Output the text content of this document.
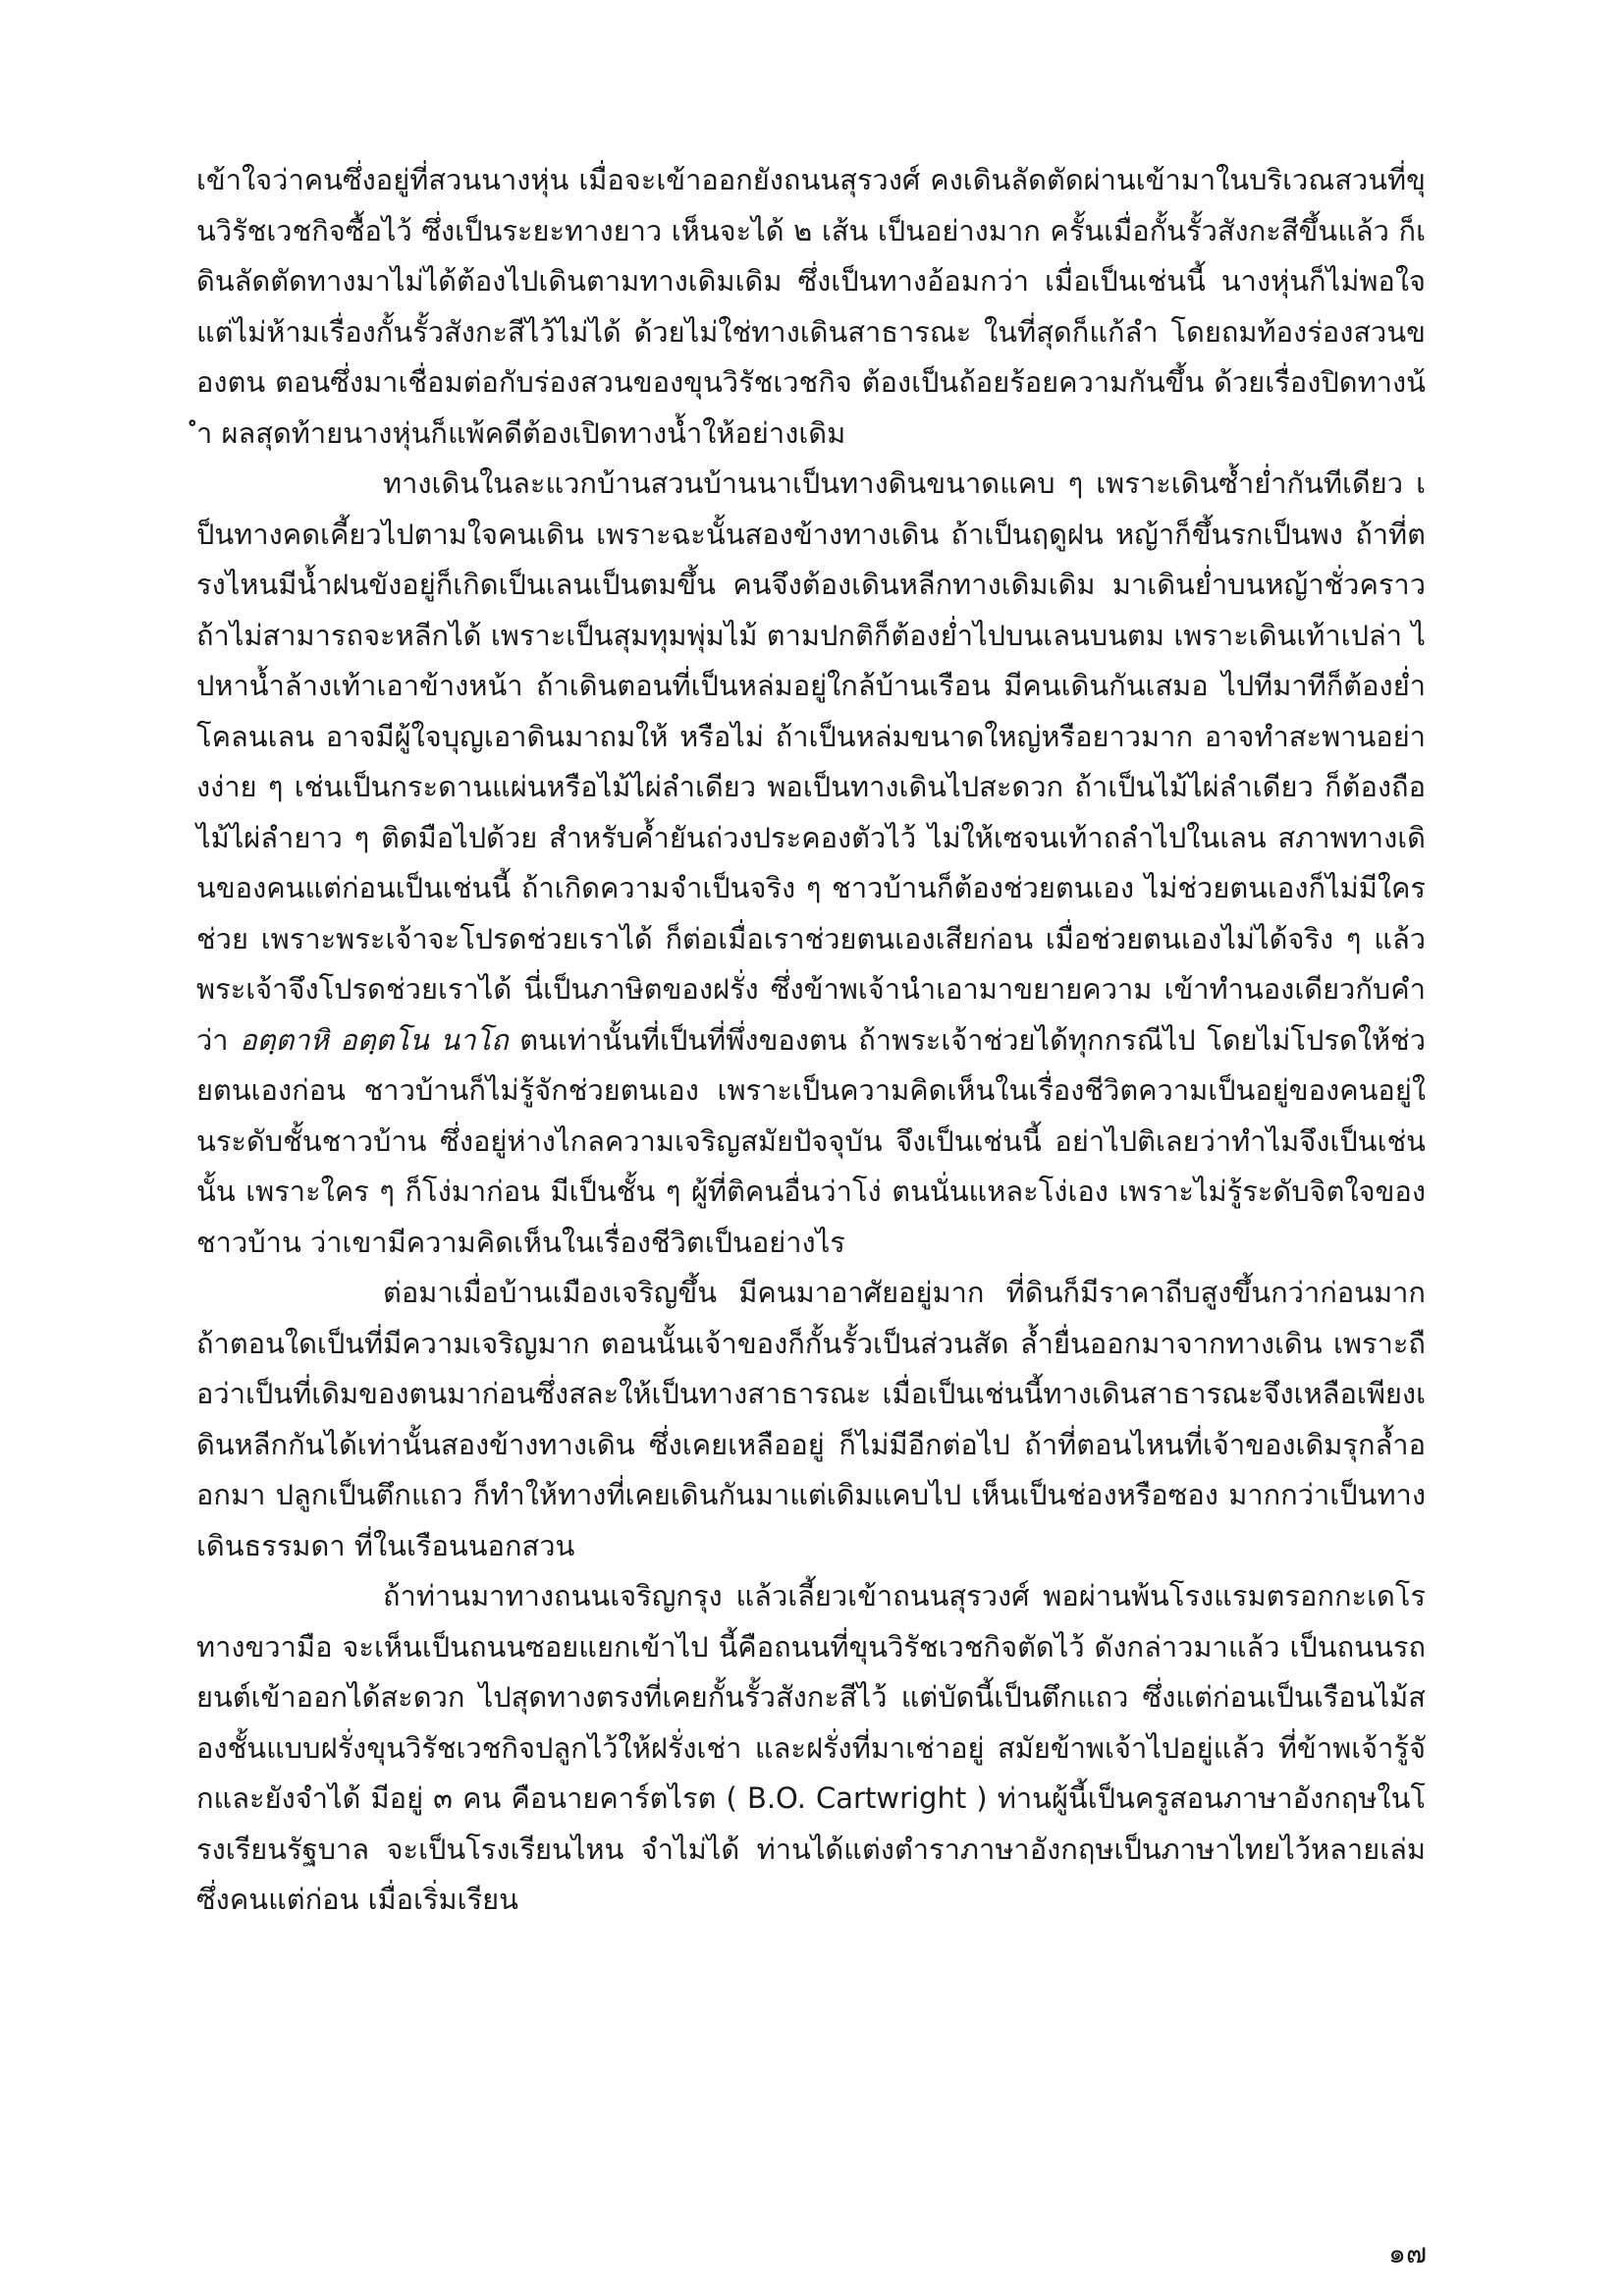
เข้าใจว่าคนซึ่งอยู่ที่สวนนางหุ่น เมื่อจะเข้าออกยังถนนสุรวงศ์ คงเดินลัดตัดผ่านเข้ามาในบริเวณสวนที่ขุนวิรัชเวชกิจซื้อไว้ ซึ่งเป็นระยะทางยาว เห็นจะได้ ๒ เส้น เป็นอย่างมาก ครั้นเมื่อกั้นรั้วสังกะสีขึ้นแล้ว ก็เดินลัดตัดทางมาไม่ได้ต้องไปเดินตามทางเดิมเดิม ซึ่งเป็นทางอ้อมกว่า เมื่อเป็นเช่นนี้ นางหุ่นก็ไม่พอใจ แต่ไม่ห้ามเรื่องกั้นรั้วสังกะสีไว้ไม่ได้ ด้วยไม่ใช่ทางเดินสาธารณะ ในที่สุดก็แก้ลำ โดยถมท้องร่องสวนของตน ตอนซึ่งมาเชื่อมต่อกับร่องสวนของขุนวิรัชเวชกิจ ต้องเป็นถ้อยร้อยความกันขึ้น ด้วยเรื่องปิดทางน้ำ ผลสุดท้ายนางหุ่นก็แพ้คดีต้องเปิดทางน้ำให้อย่างเดิม

ทางเดินในละแวกบ้านสวนบ้านนาเป็นทางดินขนาดแคบ ๆ เพราะเดินซ้ำย่ำกันทีเดียว เป็นทางคดเคี้ยวไปตามใจคนเดิน เพราะฉะนั้นสองข้างทางเดิน ถ้าเป็นฤดูฝน หญ้าก็ขึ้นรกเป็นพง ถ้าที่ตรงไหนมีน้ำฝนขังอยู่ก็เกิดเป็นเลนเป็นตมขึ้น คนจึงต้องเดินหลีกทางเดิมเดิม มาเดินย่ำบนหญ้าชั่วคราว ถ้าไม่สามารถจะหลีกได้ เพราะเป็นสุมทุมพุ่มไม้ ตามปกติก็ต้องย่ำไปบนเลนบนตม เพราะเดินเท้าเปล่า ไปหาน้ำล้างเท้าเอาข้างหน้า ถ้าเดินตอนที่เป็นหล่มอยู่ใกล้บ้านเรือน มีคนเดินกันเสมอ ไปทีมาทีก็ต้องย่ำโคลนเลน อาจมีผู้ใจบุญเอาดินมาถมให้ หรือไม่ ถ้าเป็นหล่มขนาดใหญ่หรือยาวมาก อาจทำสะพานอย่างง่าย ๆ เช่นเป็นกระดานแผ่นหรือไม้ไผ่ลำเดียว พอเป็นทางเดินไปสะดวก ถ้าเป็นไม้ไผ่ลำเดียว ก็ต้องถือไม้ไผ่ลำยาว ๆ ติดมือไปด้วย สำหรับค้ำยันถ่วงประคองตัวไว้ ไม่ให้เซจนเท้าถลำไปในเลน สภาพทางเดินของคนแต่ก่อนเป็นเช่นนี้ ถ้าเกิดความจำเป็นจริง ๆ ชาวบ้านก็ต้องช่วยตนเอง ไม่ช่วยตนเองก็ไม่มีใครช่วย เพราะพระเจ้าจะโปรดช่วยเราได้ ก็ต่อเมื่อเราช่วยตนเองเสียก่อน เมื่อช่วยตนเองไม่ได้จริง ๆ แล้วพระเจ้าจึงโปรดช่วยเราได้ นี่เป็นภาษิตของฝรั่ง ซึ่งข้าพเจ้านำเอามาขยายความ เข้าทำนองเดียวกับคำว่า อตฺตาหิ อตฺตโน นาโถ ตนเท่านั้นที่เป็นที่พึ่งของตน ถ้าพระเจ้าช่วยได้ทุกกรณีไป โดยไม่โปรดให้ช่วยตนเองก่อน ชาวบ้านก็ไม่รู้จักช่วยตนเอง เพราะเป็นความคิดเห็นในเรื่องชีวิตความเป็นอยู่ของคนอยู่ในระดับชั้นชาวบ้าน ซึ่งอยู่ห่างไกลความเจริญสมัยปัจจุบัน จึงเป็นเช่นนี้ อย่าไปติเลยว่าทำไมจึงเป็นเช่นนั้น เพราะใคร ๆ ก็โง่มาก่อน มีเป็นชั้น ๆ ผู้ที่ติคนอื่นว่าโง่ ตนนั่นแหละโง่เอง เพราะไม่รู้ระดับจิตใจของชาวบ้าน ว่าเขามีความคิดเห็นในเรื่องชีวิตเป็นอย่างไร

ต่อมาเมื่อบ้านเมืองเจริญขึ้น มีคนมาอาศัยอยู่มาก ที่ดินก็มีราคาถีบสูงขึ้นกว่าก่อนมาก ถ้าตอนใดเป็นที่มีความเจริญมาก ตอนนั้นเจ้าของก็กั้นรั้วเป็นส่วนสัด ล้ำยื่นออกมาจากทางเดิน เพราะถือว่าเป็นที่เดิมของตนมาก่อนซึ่งสละให้เป็นทางสาธารณะ เมื่อเป็นเช่นนี้ทางเดินสาธารณะจึงเหลือเพียงเดินหลีกกันได้เท่านั้นสองข้างทางเดิน ซึ่งเคยเหลืออยู่ ก็ไม่มีอีกต่อไป ถ้าที่ตอนไหนที่เจ้าของเดิมรุกล้ำออกมา ปลูกเป็นตึกแถว ก็ทำให้ทางที่เคยเดินกันมาแต่เดิมแคบไป เห็นเป็นช่องหรือซอง มากกว่าเป็นทางเดินธรรมดา ที่ในเรือนนอกสวน

ถ้าท่านมาทางถนนเจริญกรุง แล้วเลี้ยวเข้าถนนสุรวงศ์ พอผ่านพ้นโรงแรมตรอกกะเดโรทางขวามือ จะเห็นเป็นถนนซอยแยกเข้าไป นี้คือถนนที่ขุนวิรัชเวชกิจตัดไว้ ดังกล่าวมาแล้ว เป็นถนนรถยนต์เข้าออกได้สะดวก ไปสุดทางตรงที่เคยกั้นรั้วสังกะสีไว้ แต่บัดนี้เป็นตึกแถว ซึ่งแต่ก่อนเป็นเรือนไม้สองชั้นแบบฝรั่งขุนวิรัชเวชกิจปลูกไว้ให้ฝรั่งเช่า และฝรั่งที่มาเช่าอยู่ สมัยข้าพเจ้าไปอยู่แล้ว ที่ข้าพเจ้ารู้จักและยังจำได้ มีอยู่ ๓ คน คือนายคาร์ตไรต ( B.O. Cartwright ) ท่านผู้นี้เป็นครูสอนภาษาอังกฤษในโรงเรียนรัฐบาล จะเป็นโรงเรียนไหน จำไม่ได้ ท่านได้แต่งตำราภาษาอังกฤษเป็นภาษาไทยไว้หลายเล่ม ซึ่งคนแต่ก่อน เมื่อเริ่มเรียน

๑๗
